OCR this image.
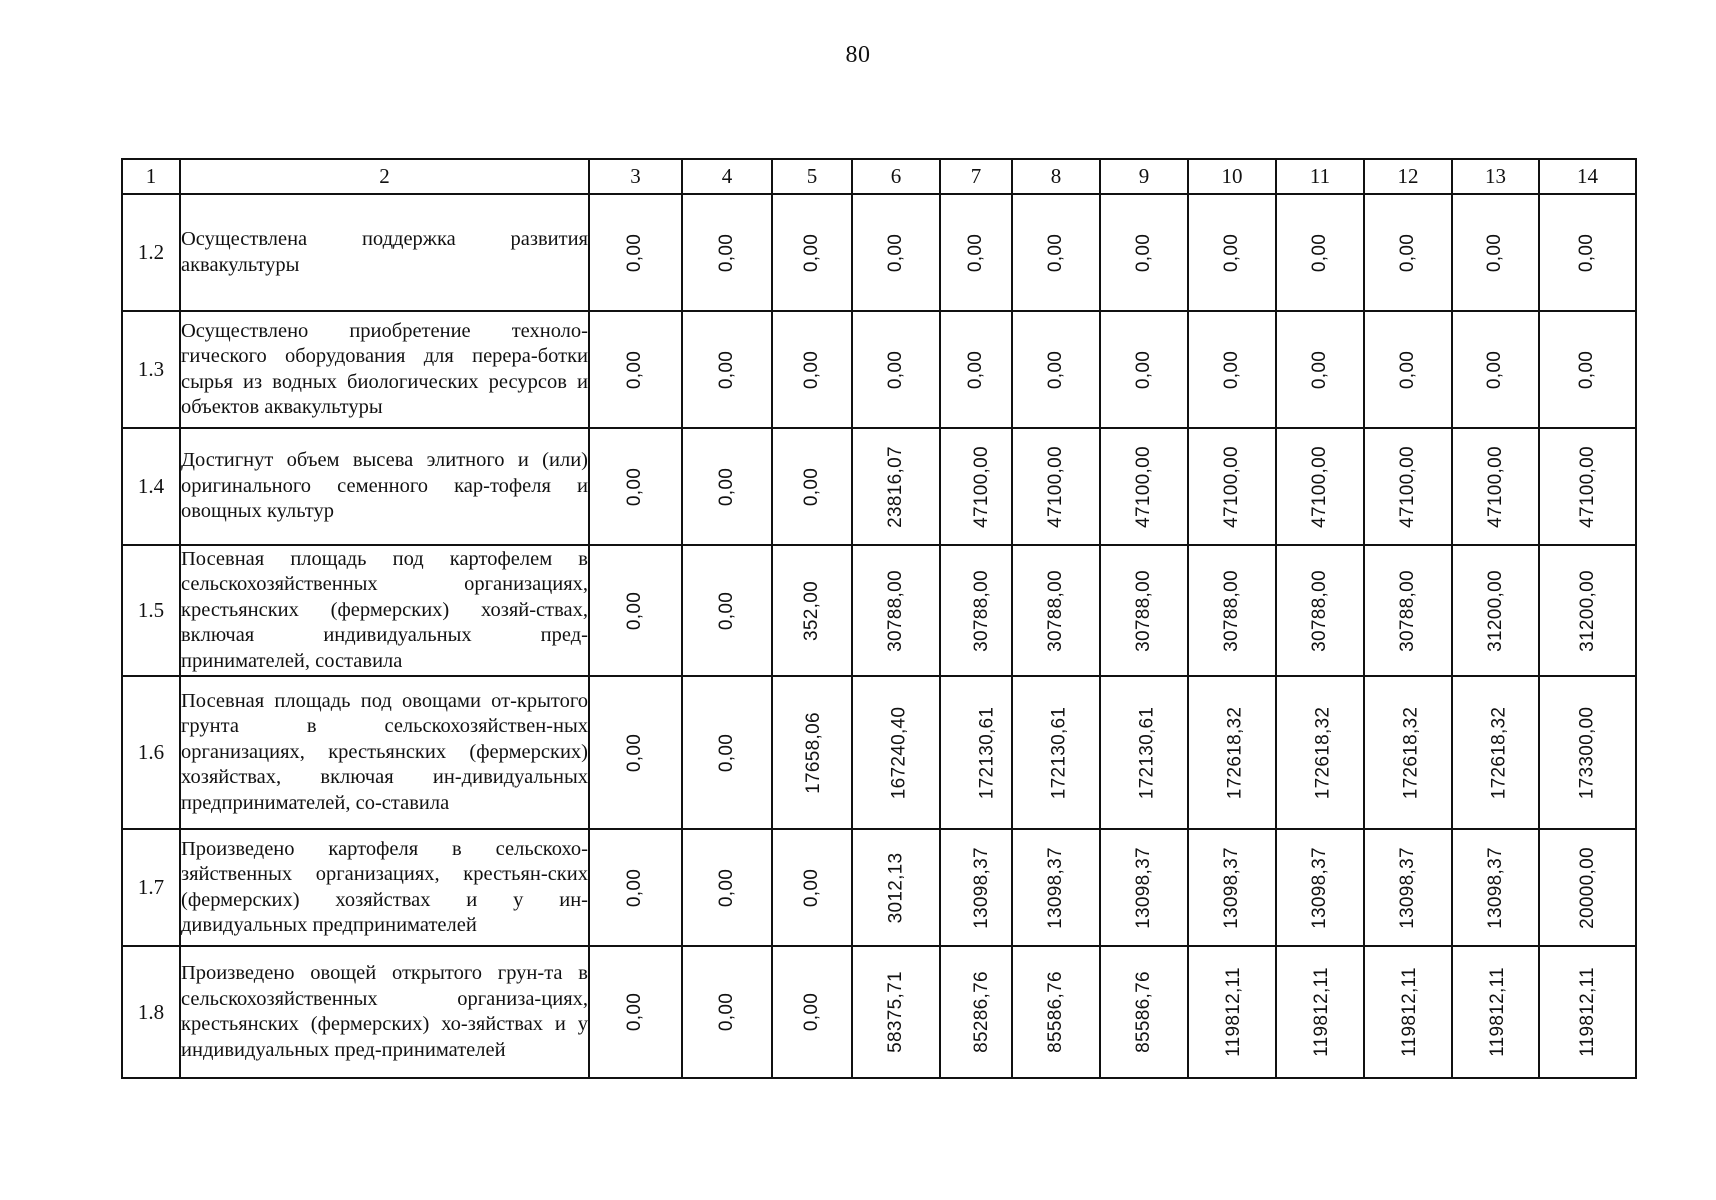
80
1	2	3	4	5	6	7	8	9	10	11	12	13	14
1.2	Осуществлена поддержка развития аквакультуры	0,00	0,00	0,00	0,00	0,00	0,00	0,00	0,00	0,00	0,00	0,00	0,00
1.3	Осуществлено приобретение техноло-гического оборудования для перера-ботки сырья из водных биологических ресурсов и объектов аквакультуры	0,00	0,00	0,00	0,00	0,00	0,00	0,00	0,00	0,00	0,00	0,00	0,00
1.4	Достигнут объем высева элитного и (или) оригинального семенного кар-тофеля и овощных культур	0,00	0,00	0,00	23816,07	47100,00	47100,00	47100,00	47100,00	47100,00	47100,00	47100,00	47100,00
1.5	Посевная площадь под картофелем в сельскохозяйственных организациях, крестьянских (фермерских) хозяй-ствах, включая индивидуальных пред-принимателей, составила	0,00	0,00	352,00	30788,00	30788,00	30788,00	30788,00	30788,00	30788,00	30788,00	31200,00	31200,00
1.6	Посевная площадь под овощами от-крытого грунта в сельскохозяйствен-ных организациях, крестьянских (фермерских) хозяйствах, включая ин-дивидуальных предпринимателей, со-ставила	0,00	0,00	17658,06	167240,40	172130,61	172130,61	172130,61	172618,32	172618,32	172618,32	172618,32	173300,00
1.7	Произведено картофеля в сельскохо-зяйственных организациях, крестьян-ских (фермерских) хозяйствах и у ин-дивидуальных предпринимателей	0,00	0,00	0,00	3012,13	13098,37	13098,37	13098,37	13098,37	13098,37	13098,37	13098,37	20000,00
1.8	Произведено овощей открытого грун-та в сельскохозяйственных организа-циях, крестьянских (фермерских) хо-зяйствах и у индивидуальных пред-принимателей	0,00	0,00	0,00	58375,71	85286,76	85586,76	85586,76	119812,11	119812,11	119812,11	119812,11	119812,11
